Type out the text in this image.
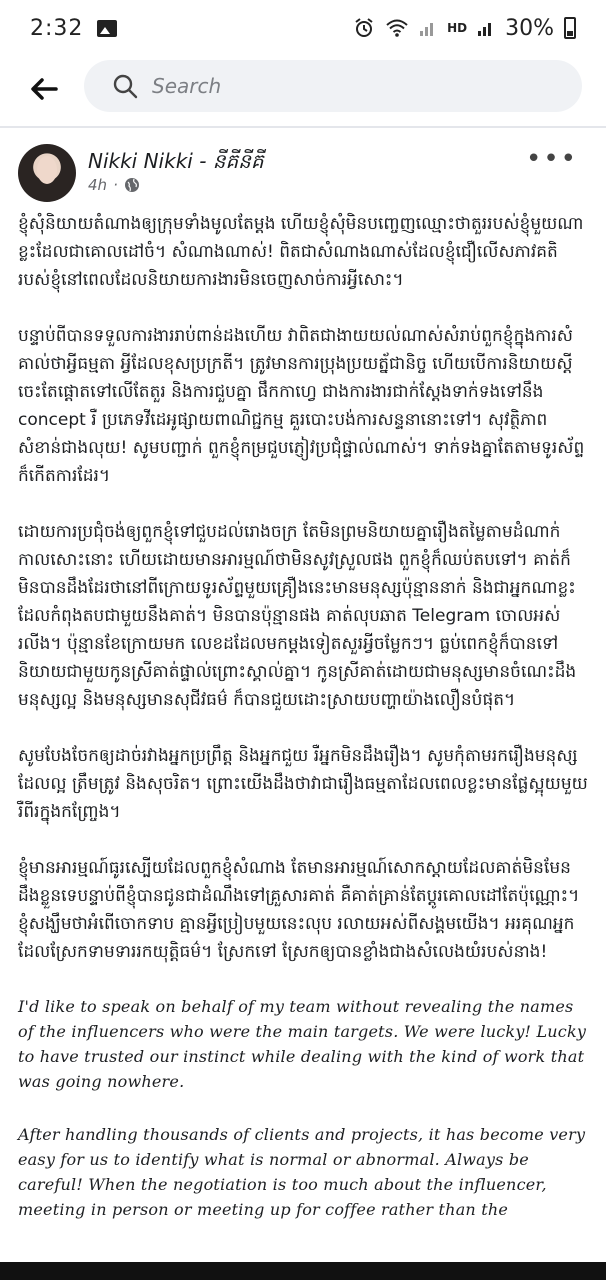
2:32	HD 30%
Search
Nikki Nikki - នីគីនីគី
4h ·
•••

ខ្ញុំសុំនិយាយតំណាងឲ្យក្រុមទាំងមូលតែម្ដង ហើយខ្ញុំសុំមិនបញ្ចេញឈ្មោះថាតួររបស់ខ្ញុំមួយណាខ្លះដែលជាគោលដៅចំ។ សំណាងណាស់! ពិតជាសំណាងណាស់ដែលខ្ញុំជឿលើសភាវគតិរបស់ខ្ញុំនៅពេលដែលនិយាយការងារមិនចេញសាច់ការអ្វីសោះ។

បន្ទាប់ពីបានទទួលការងាររាប់ពាន់ដងហើយ វាពិតជាងាយយល់ណាស់សំរាប់ពួកខ្ញុំក្នុងការសំគាល់ថាអ្វីធម្មតា អ្វីដែលខុសប្រក្រតី។ ត្រូវមានការប្រុងប្រយត្ន័ជានិច្ច ហើយបើការនិយាយស្ដីចេះតែផ្ដោតទៅលើតែតួរ និងការជួបគ្នា ផឹកកាហ្វេ ជាងការងារជាក់ស្ដែងទាក់ទងទៅនឹង concept រឺ ប្រភេទវីដេអូផ្សាយពាណិជ្ជកម្ម គួរបោះបង់ការសន្ទនានោះទៅ។ សុវត្ថិភាពសំខាន់ជាងលុយ! សូមបញ្ជាក់ ពួកខ្ញុំកម្រជួបភ្ញៀវប្រជុំផ្ទាល់ណាស់។ ទាក់ទងគ្នាតែតាមទូរស័ព្ទក៏កើតការដែរ។

ដោយការប្រជុំចង់ឲ្យពួកខ្ញុំទៅជួបដល់រោងចក្រ តែមិនព្រមនិយាយគ្នារឿងតម្លៃតាមដំណាក់កាលសោះនោះ ហើយដោយមានអារម្មណ៍ថាមិនសូវស្រួលផង ពួកខ្ញុំក៏ឈប់តបទៅ។ គាត់ក៏មិនបានដឹងដែរថានៅពីក្រោយទូរស័ព្ទមួយគ្រឿងនេះមានមនុស្សប៉ុន្មាននាក់ និងជាអ្នកណាខ្លះដែលកំពុងតបជាមួយនឹងគាត់។ មិនបានប៉ុន្មានផង គាត់លុបឆាត Telegram ចោលអស់រលីង។ ប៉ុន្មានខែក្រោយមក លេខដដែលមកម្ដងទៀតសួរអ្វីចម្លែកៗ។ ធ្លប់ពេកខ្ញុំក៏បានទៅនិយាយជាមួយកូនស្រីគាត់ផ្ទាល់ព្រោះស្គាល់គ្នា។ កូនស្រីគាត់ដោយជាមនុស្សមានចំណេះដឹង មនុស្សល្អ និងមនុស្សមានសុជីវធម៌ ក៏បានជួយដោះស្រាយបញ្ហាយ៉ាងលឿនបំផុត។

សូមបែងចែកឲ្យដាច់រវាងអ្នកប្រព្រឹត្ត និងអ្នកជួយ រឺអ្នកមិនដឹងរឿង។ សូមកុំតាមរករឿងមនុស្សដែលល្អ ត្រឹមត្រូវ និងសុចរិត។ ព្រោះយើងដឹងថាវាជារឿងធម្មតាដែលពេលខ្លះមានផ្លែស្អុយមួយ រឺពីរក្នុងកញ្ច្រែង។

ខ្ញុំមានអារម្មណ៍ធូរស្បើយដែលពួកខ្ញុំសំណាង តែមានអារម្មណ៍សោកស្ដាយដែលគាត់មិនមែនដឹងខ្លួនទេបន្ទាប់ពីខ្ញុំបានជូនជាដំណឹងទៅគ្រួសារគាត់ គឺគាត់គ្រាន់តែប្ដូរគោលដៅតែប៉ុណ្ណោះ។ ខ្ញុំសង្ឃឹមថាអំពើចោកទាប គ្មានអ្វីប្រៀបមួយនេះលុប រលាយអស់ពីសង្គមយើង។ អរគុណអ្នកដែលស្រែកទាមទាររកយុត្តិធម៌។ ស្រែកទៅ ស្រែកឲ្យបានខ្លាំងជាងសំលេងយំរបស់នាង!

I'd like to speak on behalf of my team without revealing the names of the influencers who were the main targets. We were lucky! Lucky to have trusted our instinct while dealing with the kind of work that was going nowhere.

After handling thousands of clients and projects, it has become very easy for us to identify what is normal or abnormal. Always be careful! When the negotiation is too much about the influencer, meeting in person or meeting up for coffee rather than the
